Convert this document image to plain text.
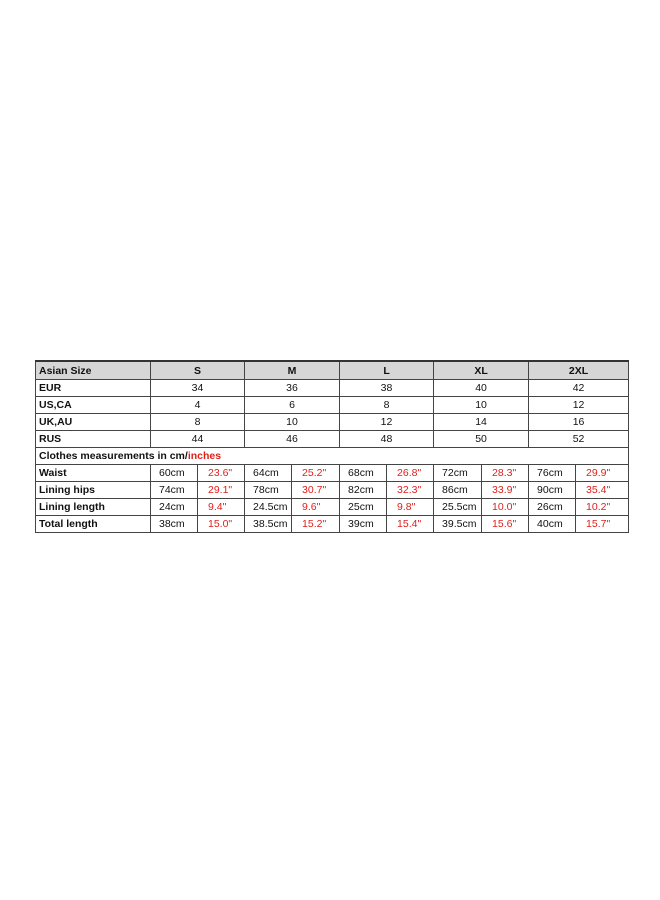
Asian Size	S		M		L		XL		2XL	
EUR	34		36		38		40		42	
US,CA	4		6		8		10		12	
UK,AU	8		10		12		14		16	
RUS	44		46		48		50		52	
Clothes measurements in cm/inches										
Waist	60cm	23.6"	64cm	25.2"	68cm	26.8"	72cm	28.3"	76cm	29.9"
Lining hips	74cm	29.1"	78cm	30.7"	82cm	32.3"	86cm	33.9"	90cm	35.4"
Lining length	24cm	9.4"	24.5cm	9.6"	25cm	9.8"	25.5cm	10.0"	26cm	10.2"
Total length	38cm	15.0"	38.5cm	15.2"	39cm	15.4"	39.5cm	15.6"	40cm	15.7"
